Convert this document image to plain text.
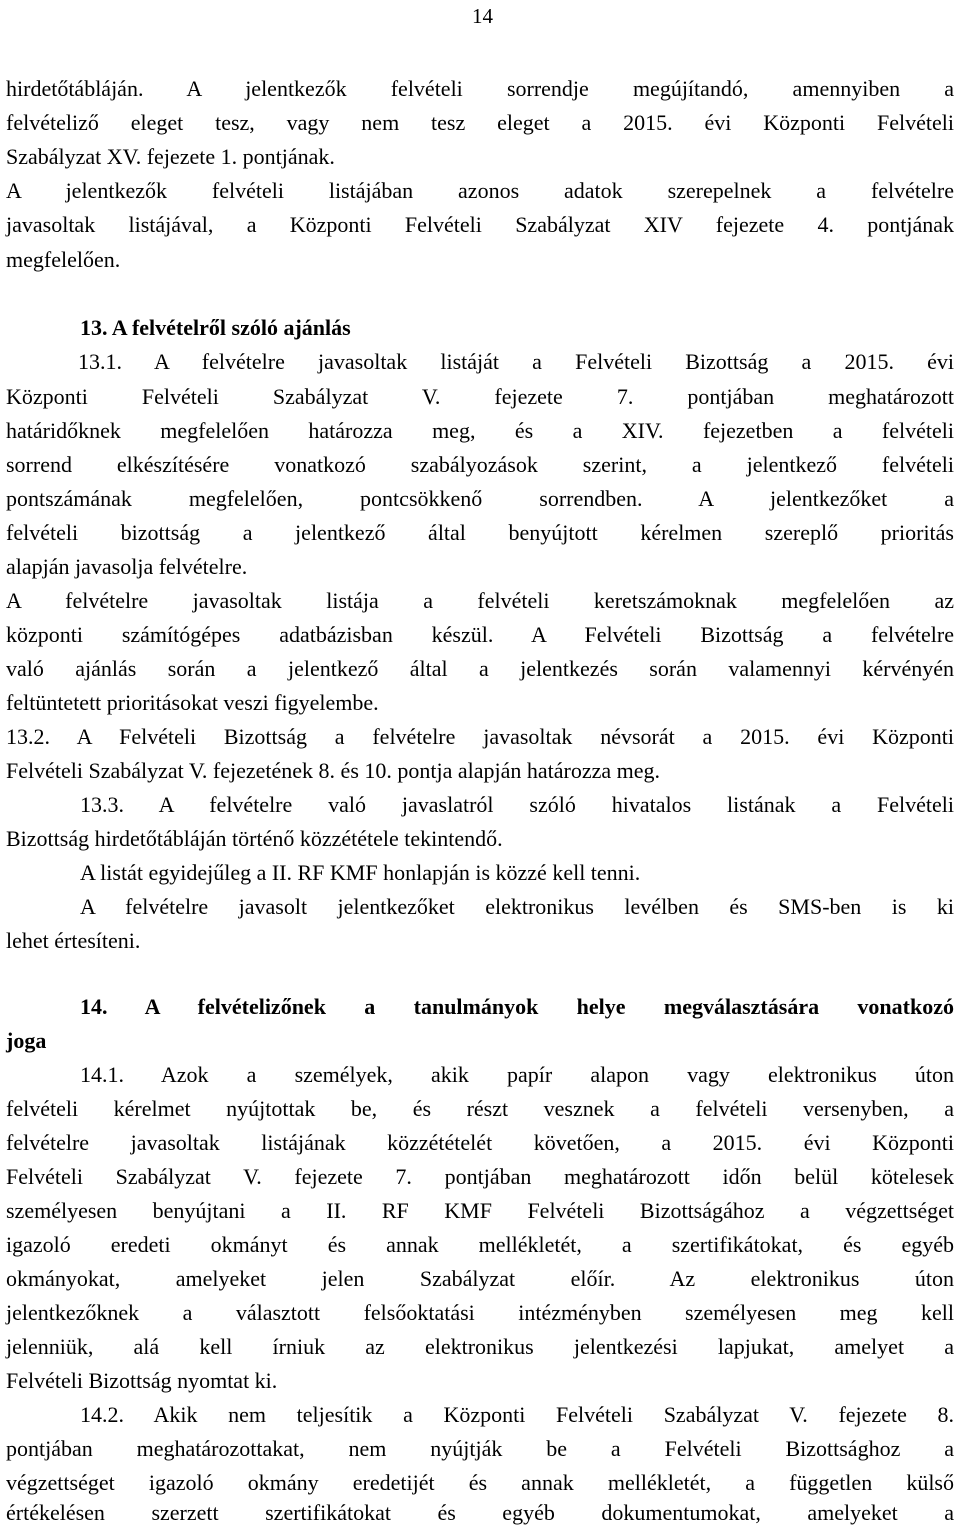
14
hirdetőtábláján. A jelentkezők felvételi sorrendje megújítandó, amennyiben a
felvételiző eleget tesz, vagy nem tesz eleget a 2015. évi Központi Felvételi
Szabályzat XV. fejezete 1. pontjának.
A jelentkezők felvételi listájában azonos adatok szerepelnek a felvételre
javasoltak listájával, a Központi Felvételi Szabályzat XIV fejezete 4. pontjának
megfelelően.
13. A felvételről szóló ajánlás
13.1. A felvételre javasoltak listáját a Felvételi Bizottság a 2015. évi
Központi Felvételi Szabályzat V. fejezete 7. pontjában meghatározott
határidőknek megfelelően határozza meg, és a XIV. fejezetben a felvételi
sorrend elkészítésére vonatkozó szabályozások szerint, a jelentkező felvételi
pontszámának megfelelően, pontcsökkenő sorrendben. A jelentkezőket a
felvételi bizottság a jelentkező által benyújtott kérelmen szereplő prioritás
alapján javasolja felvételre.
A felvételre javasoltak listája a felvételi keretszámoknak megfelelően az
központi számítógépes adatbázisban készül. A Felvételi Bizottság a felvételre
való ajánlás során a jelentkező által a jelentkezés során valamennyi kérvényén
feltüntetett prioritásokat veszi figyelembe.
13.2. A Felvételi Bizottság a felvételre javasoltak névsorát a 2015. évi Központi
Felvételi Szabályzat V. fejezetének 8. és 10. pontja alapján határozza meg.
13.3. A felvételre való javaslatról szóló hivatalos listának a Felvételi
Bizottság hirdetőtábláján történő közzététele tekintendő.
A listát egyidejűleg a II. RF KMF honlapján is közzé kell tenni.
A felvételre javasolt jelentkezőket elektronikus levélben és SMS-ben is ki
lehet értesíteni.
14. A felvételizőnek a tanulmányok helye megválasztására vonatkozó
joga
14.1. Azok a személyek, akik papír alapon vagy elektronikus úton
felvételi kérelmet nyújtottak be, és részt vesznek a felvételi versenyben, a
felvételre javasoltak listájának közzétételét követően, a 2015. évi Központi
Felvételi Szabályzat V. fejezete 7. pontjában meghatározott időn belül kötelesek
személyesen benyújtani a II. RF KMF Felvételi Bizottságához a végzettséget
igazoló eredeti okmányt és annak mellékletét, a szertifikátokat, és egyéb
okmányokat, amelyeket jelen Szabályzat előír. Az elektronikus úton
jelentkezőknek a választott felsőoktatási intézményben személyesen meg kell
jelenniük, alá kell írniuk az elektronikus jelentkezési lapjukat, amelyet a
Felvételi Bizottság nyomtat ki.
14.2. Akik nem teljesítik a Központi Felvételi Szabályzat V. fejezete 8.
pontjában meghatározottakat, nem nyújtják be a Felvételi Bizottsághoz a
végzettséget igazoló okmány eredetijét és annak mellékletét, a független külső
értékelésen szerzett szertifikátokat és egyéb dokumentumokat, amelyeket a
